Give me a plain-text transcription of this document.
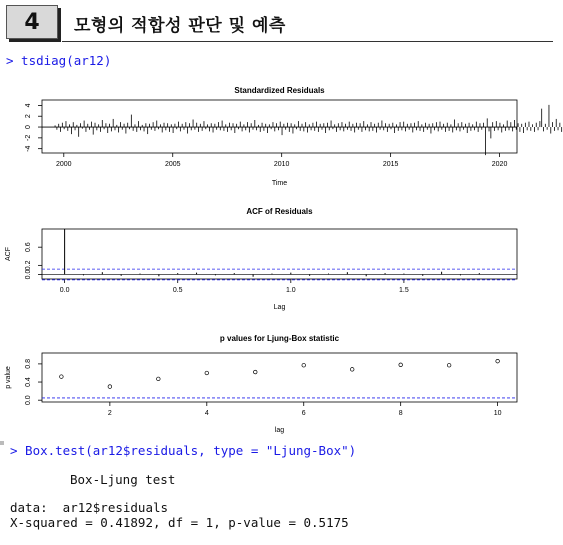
4	모형의 적합성 판단 및 예측
> tsdiag(ar12)
Standardized Residuals
Time
2000	2005	2010	2015	2020
-4
-2
0
2
4
ACF of Residuals
Lag
ACF
0.0	0.5	1.0	1.5
0.0
0.2
0.6
p values for Ljung-Box statistic
lag
p value
2	4	6	8	10
0.0
0.4
0.8
> Box.test(ar12$residuals, type = "Ljung-Box")
Box-Ljung test
data:  ar12$residuals
X-squared = 0.41892, df = 1, p-value = 0.5175
